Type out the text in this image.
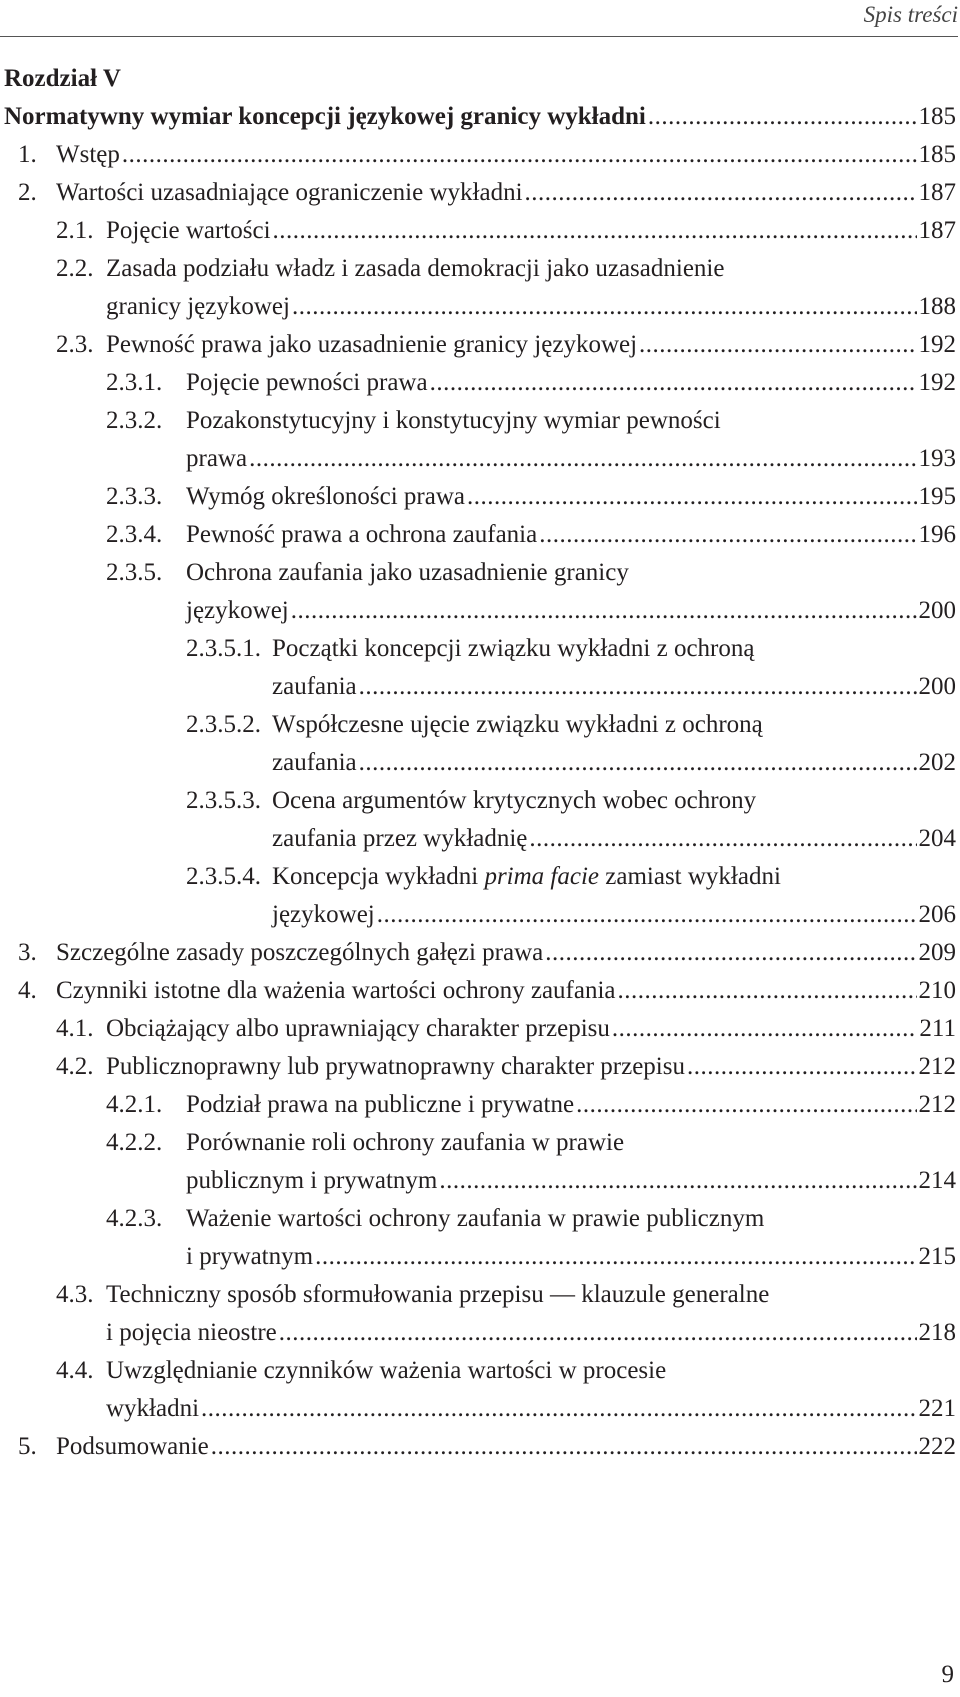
Spis treści
Rozdział V
Normatywny wymiar koncepcji językowej granicy wykładni .....	185
1. Wstęp .....	185
2. Wartości uzasadniające ograniczenie wykładni .....	187
2.1. Pojęcie wartości .....	187
2.2. Zasada podziału władz i zasada demokracji jako uzasadnienie
granicy językowej .....	188
2.3. Pewność prawa jako uzasadnienie granicy językowej .....	192
2.3.1. Pojęcie pewności prawa .....	192
2.3.2. Pozakonstytucyjny i konstytucyjny wymiar pewności
prawa .....	193
2.3.3. Wymóg określoności prawa .....	195
2.3.4. Pewność prawa a ochrona zaufania .....	196
2.3.5. Ochrona zaufania jako uzasadnienie granicy
językowej .....	200
2.3.5.1. Początki koncepcji związku wykładni z ochroną
zaufania .....	200
2.3.5.2. Współczesne ujęcie związku wykładni z ochroną
zaufania .....	202
2.3.5.3. Ocena argumentów krytycznych wobec ochrony
zaufania przez wykładnię .....	204
2.3.5.4. Koncepcja wykładni prima facie zamiast wykładni
językowej .....	206
3. Szczególne zasady poszczególnych gałęzi prawa .....	209
4. Czynniki istotne dla ważenia wartości ochrony zaufania .....	210
4.1. Obciążający albo uprawniający charakter przepisu .....	211
4.2. Publicznoprawny lub prywatnoprawny charakter przepisu .....	212
4.2.1. Podział prawa na publiczne i prywatne .....	212
4.2.2. Porównanie roli ochrony zaufania w prawie
publicznym i prywatnym .....	214
4.2.3. Ważenie wartości ochrony zaufania w prawie publicznym
i prywatnym .....	215
4.3. Techniczny sposób sformułowania przepisu — klauzule generalne
i pojęcia nieostre .....	218
4.4. Uwzględnianie czynników ważenia wartości w procesie
wykładni .....	221
5. Podsumowanie .....	222
9
